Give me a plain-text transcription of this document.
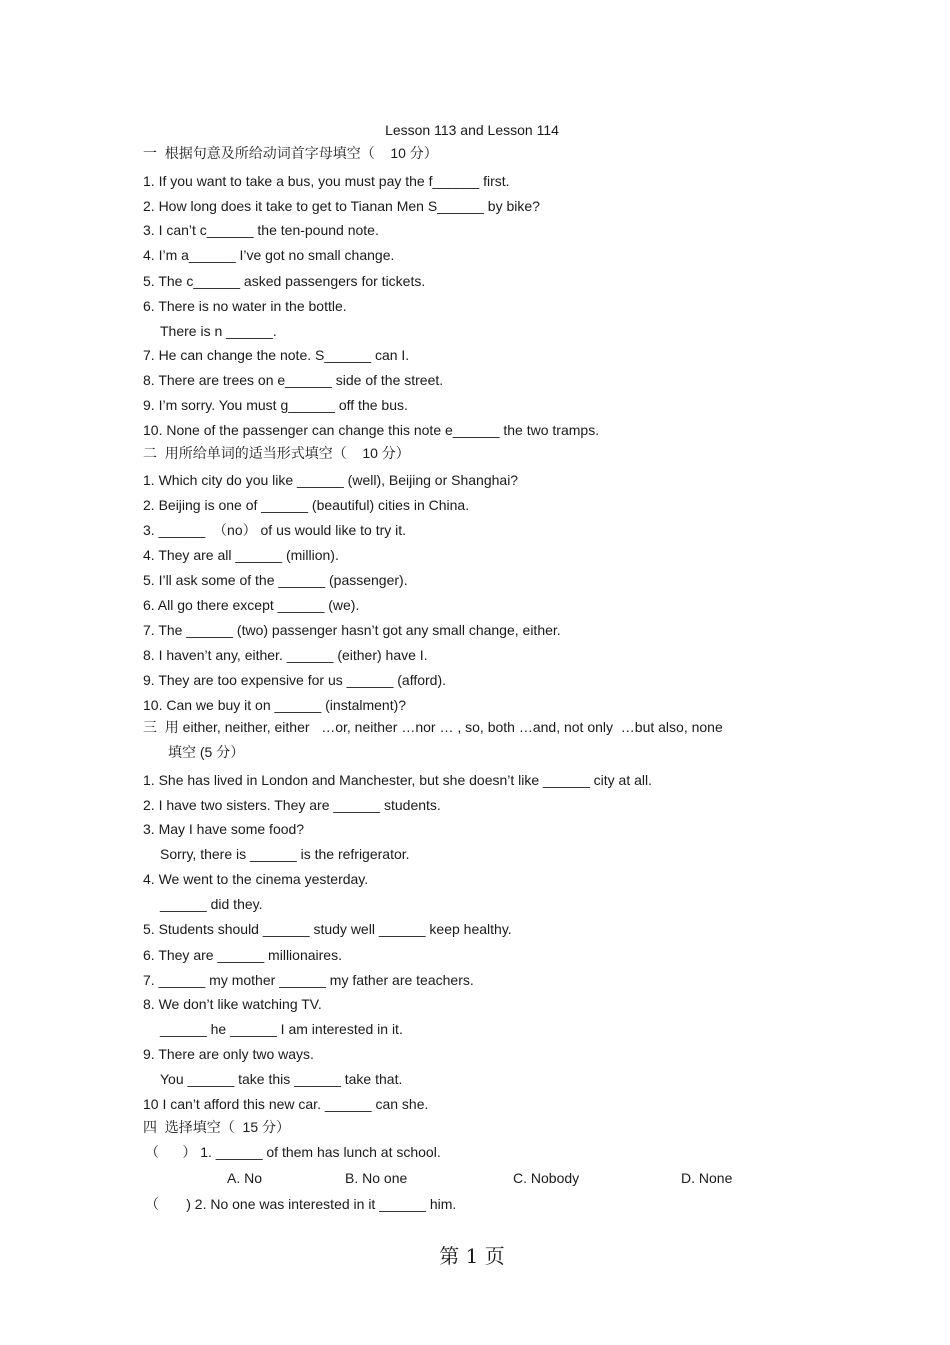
Lesson 113 and Lesson 114
一  根据句意及所给动词首字母填空（    10 分）
1. If you want to take a bus, you must pay the f______ first.
2. How long does it take to get to Tianan Men S______ by bike?
3. I can’t c______ the ten-pound note.
4. I’m a______ I’ve got no small change.
5. The c______ asked passengers for tickets.
6. There is no water in the bottle.
There is n ______.
7. He can change the note. S______ can I.
8. There are trees on e______ side of the street.
9. I’m sorry. You must g______ off the bus.
10. None of the passenger can change this note e______ the two tramps.
二  用所给单词的适当形式填空（    10 分）
1. Which city do you like ______ (well), Beijing or Shanghai?
2. Beijing is one of ______ (beautiful) cities in China.
3. ______  （no） of us would like to try it.
4. They are all ______ (million).
5. I’ll ask some of the ______ (passenger).
6. All go there except ______ (we).
7. The ______ (two) passenger hasn’t got any small change, either.
8. I haven’t any, either. ______ (either) have I.
9. They are too expensive for us ______ (afford).
10. Can we buy it on ______ (instalment)?
三  用 either, neither, either   …or, neither …nor … , so, both …and, not only  …but also, none
填空 (5 分）
1. She has lived in London and Manchester, but she doesn’t like ______ city at all.
2. I have two sisters. They are ______ students.
3. May I have some food?
Sorry, there is ______ is the refrigerator.
4. We went to the cinema yesterday.
______ did they.
5. Students should ______ study well ______ keep healthy.
6. They are ______ millionaires.
7. ______ my mother ______ my father are teachers.
8. We don’t like watching TV.
______ he ______ I am interested in it.
9. There are only two ways.
You ______ take this ______ take that.
10 I can’t afford this new car. ______ can she.
四  选择填空（  15 分）
（      ） 1. ______ of them has lunch at school.
A. No	B. No one	C. Nobody	D. None
（       ) 2. No one was interested in it ______ him.
第 1 页
